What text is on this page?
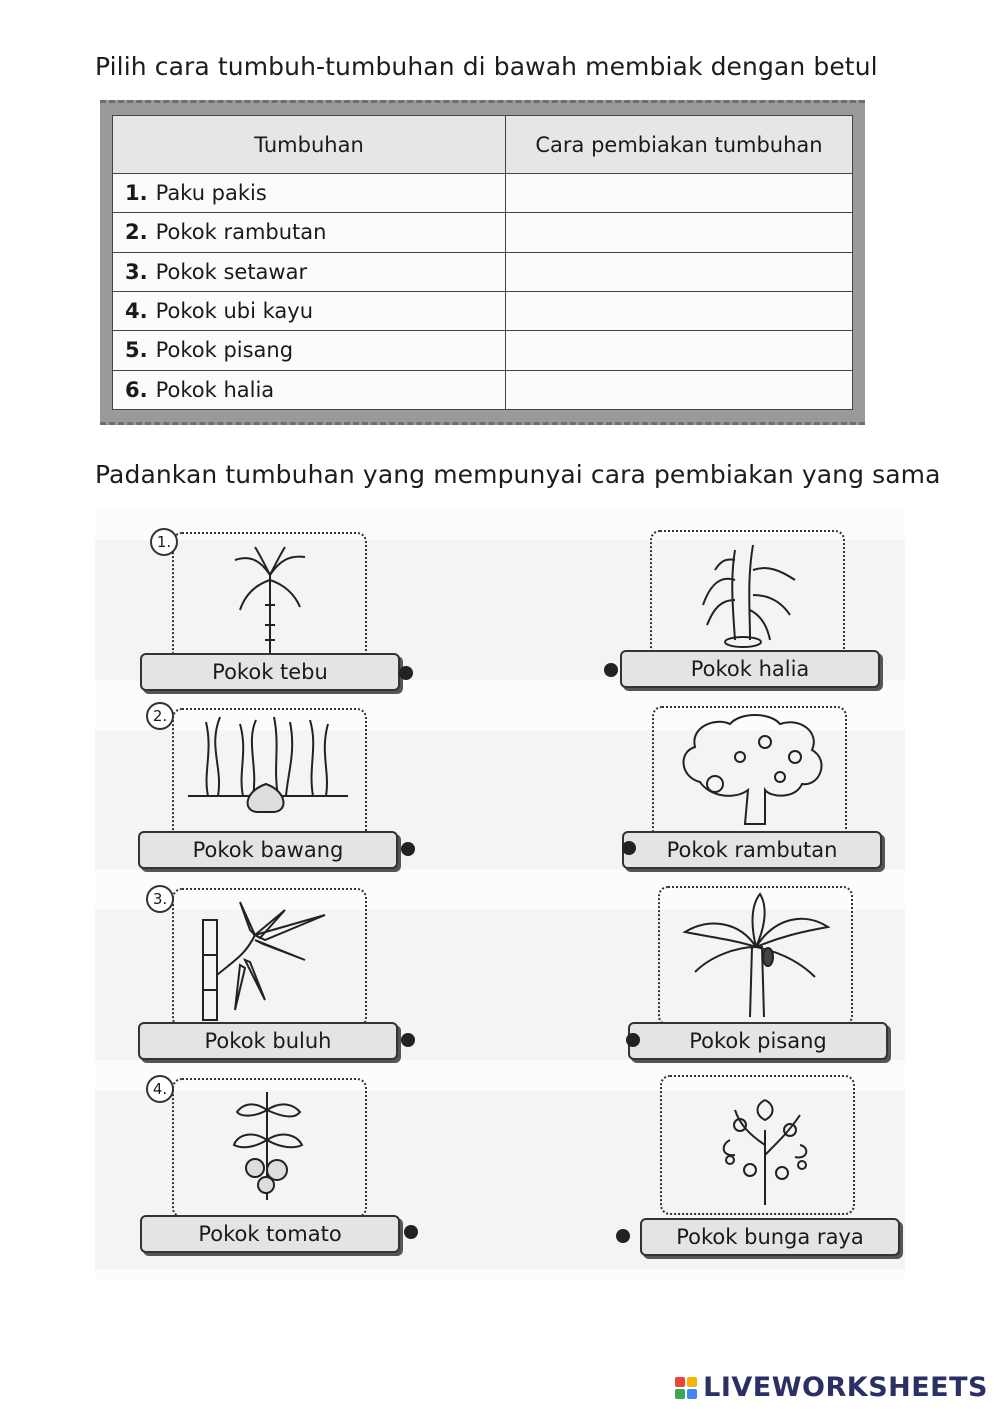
Pilih cara tumbuh-tumbuhan di bawah membiak dengan betul
Tumbuhan		Cara pembiakan tumbuhan
1.	Paku pakis	
2.	Pokok rambutan	
3.	Pokok setawar	
4.	Pokok ubi kayu	
5.	Pokok pisang	
6.	Pokok halia	
Padankan tumbuhan yang mempunyai cara pembiakan yang sama
1.
Pokok tebu
2.
Pokok bawang
3.
Pokok buluh
4.
Pokok tomato
Pokok halia
Pokok rambutan
Pokok pisang
Pokok bunga raya
LIVEWORKSHEETS
